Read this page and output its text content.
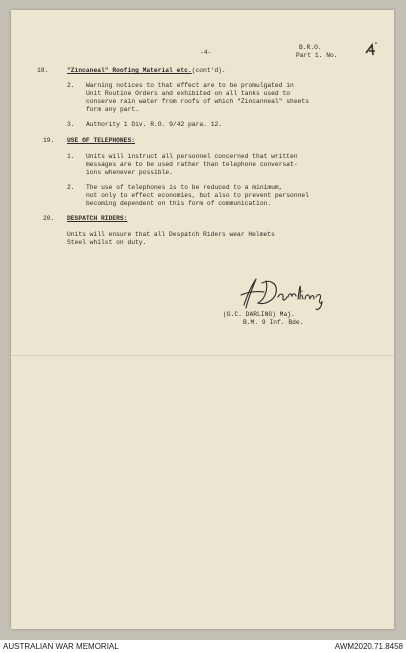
-4-
B.R.O.
Part 1. No.
18.	"Zincaneal" Roofing Material etc.(cont'd).
2. Warning notices to that effect are to be promulgated in
Unit Routine Orders and exhibited on all tanks used to
conserve rain water from roofs of which "Zincanneal" sheets
form any part.
3. Authority 1 Div. R.O. 9/42 para. 12.
19. USE OF TELEPHONES:
1. Units will instruct all personnel concerned that written
messages are to be used rather than telephone conversat-
ions whenever possible.
2. The use of telephones is to be reduced to a minimum,
not only to effect economies, but also to prevent personnel
becoming dependent on this form of communication.
20. DESPATCH RIDERS:
Units will ensure that all Despatch Riders wear Helmets
Steel whilst on duty.
(G.C. DARLING) Maj.
B.M. 9 Inf. Bde.
AUSTRALIAN WAR MEMORIAL	AWM2020.71.8458
